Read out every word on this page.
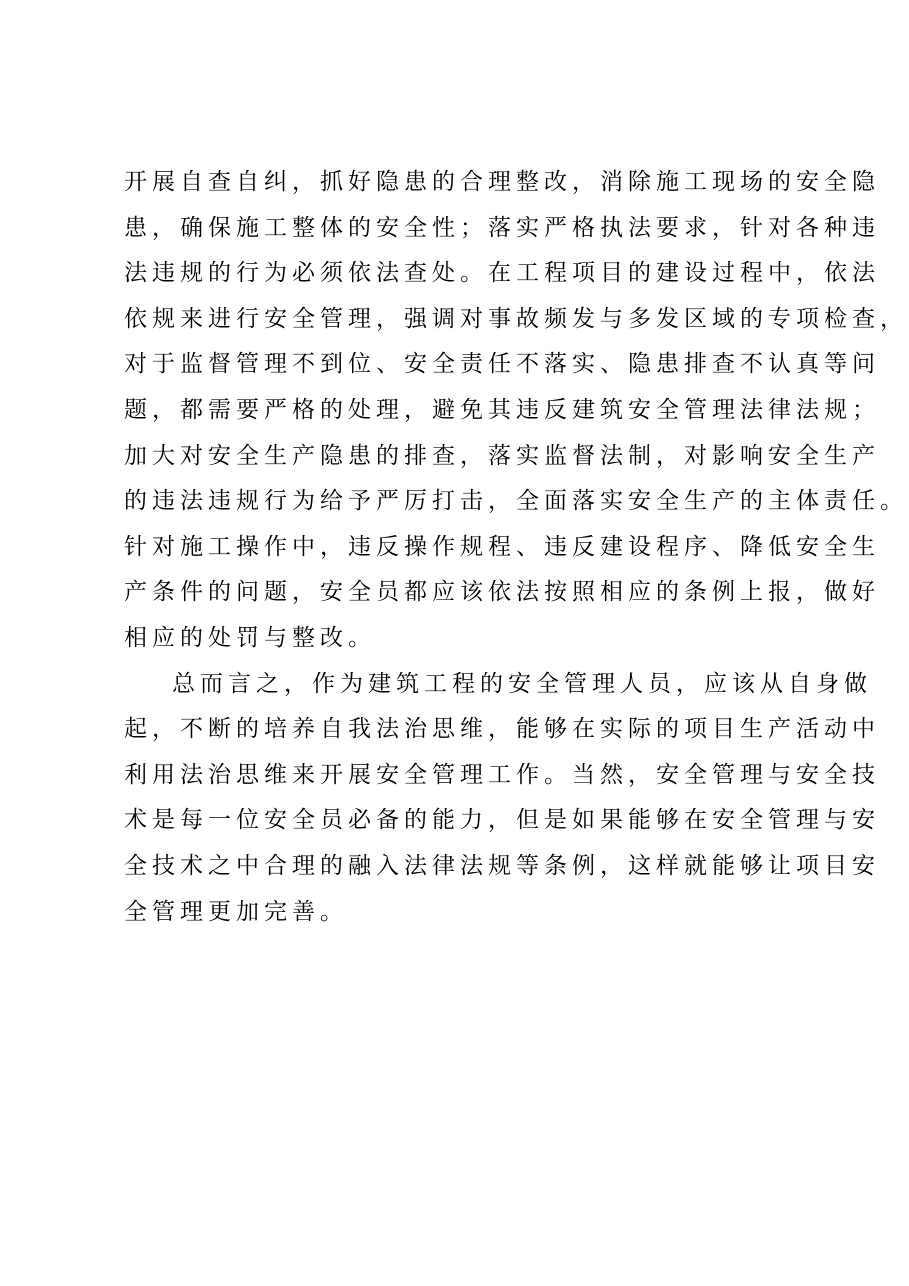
开展自查自纠，抓好隐患的合理整改，消除施工现场的安全隐
患，确保施工整体的安全性；落实严格执法要求，针对各种违
法违规的行为必须依法查处。在工程项目的建设过程中，依法
依规来进行安全管理，强调对事故频发与多发区域的专项检查，
对于监督管理不到位、安全责任不落实、隐患排查不认真等问
题，都需要严格的处理，避免其违反建筑安全管理法律法规；
加大对安全生产隐患的排查，落实监督法制，对影响安全生产
的违法违规行为给予严厉打击，全面落实安全生产的主体责任。
针对施工操作中，违反操作规程、违反建设程序、降低安全生
产条件的问题，安全员都应该依法按照相应的条例上报，做好
相应的处罚与整改。
总而言之，作为建筑工程的安全管理人员，应该从自身做
起，不断的培养自我法治思维，能够在实际的项目生产活动中
利用法治思维来开展安全管理工作。当然，安全管理与安全技
术是每一位安全员必备的能力，但是如果能够在安全管理与安
全技术之中合理的融入法律法规等条例，这样就能够让项目安
全管理更加完善。
